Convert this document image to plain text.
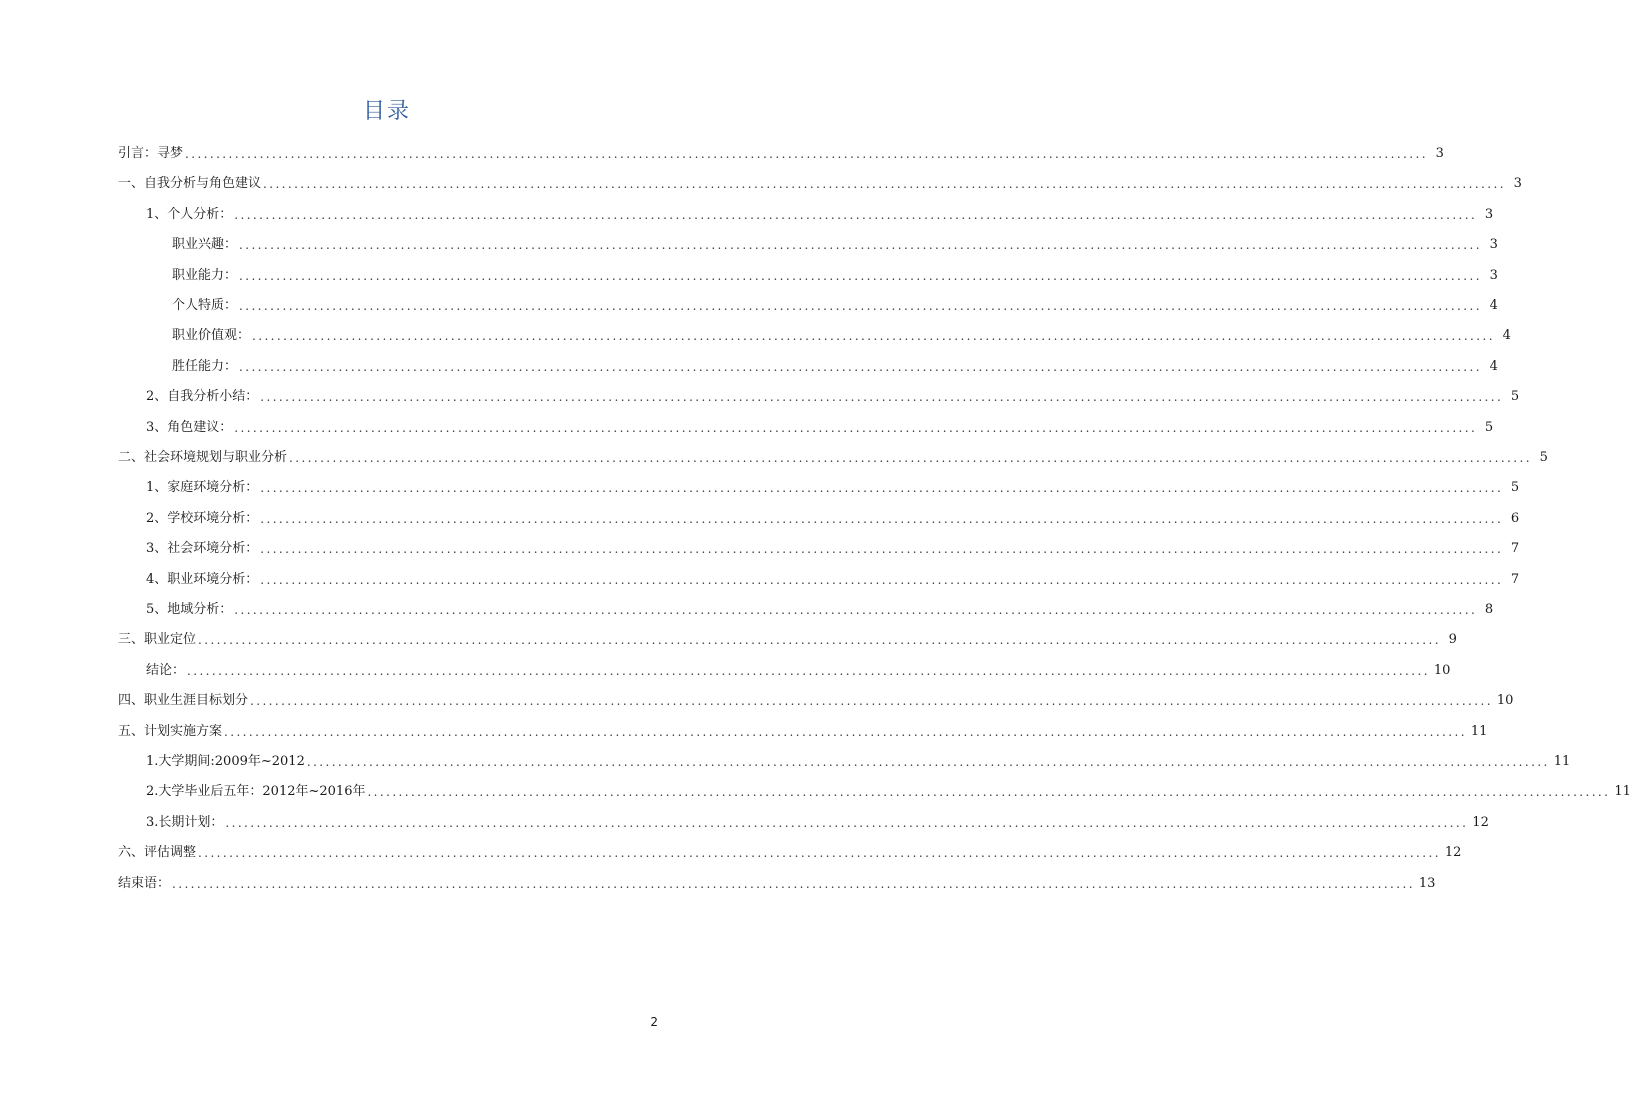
目录
引言：寻梦 ........................................................................................................................................................................................................ 3
一、自我分析与角色建议 ........................................................................................................................................................................................................ 3
1、个人分析： ........................................................................................................................................................................................................ 3
职业兴趣： ........................................................................................................................................................................................................ 3
职业能力： ........................................................................................................................................................................................................ 3
个人特质： ........................................................................................................................................................................................................ 4
职业价值观： ........................................................................................................................................................................................................ 4
胜任能力： ........................................................................................................................................................................................................ 4
2、自我分析小结： ........................................................................................................................................................................................................ 5
3、角色建议： ........................................................................................................................................................................................................ 5
二、社会环境规划与职业分析 ........................................................................................................................................................................................................ 5
1、家庭环境分析： ........................................................................................................................................................................................................ 5
2、学校环境分析： ........................................................................................................................................................................................................ 6
3、社会环境分析： ........................................................................................................................................................................................................ 7
4、职业环境分析： ........................................................................................................................................................................................................ 7
5、地域分析： ........................................................................................................................................................................................................ 8
三、职业定位 ........................................................................................................................................................................................................ 9
结论： ........................................................................................................................................................................................................ 10
四、职业生涯目标划分 ........................................................................................................................................................................................................ 10
五、计划实施方案 ........................................................................................................................................................................................................ 11
1.大学期间:2009年~2012 ........................................................................................................................................................................................................ 11
2.大学毕业后五年：2012年~2016年 ........................................................................................................................................................................................................ 11
3.长期计划： ........................................................................................................................................................................................................ 12
六、评估调整 ........................................................................................................................................................................................................ 12
结束语： ........................................................................................................................................................................................................ 13
2
